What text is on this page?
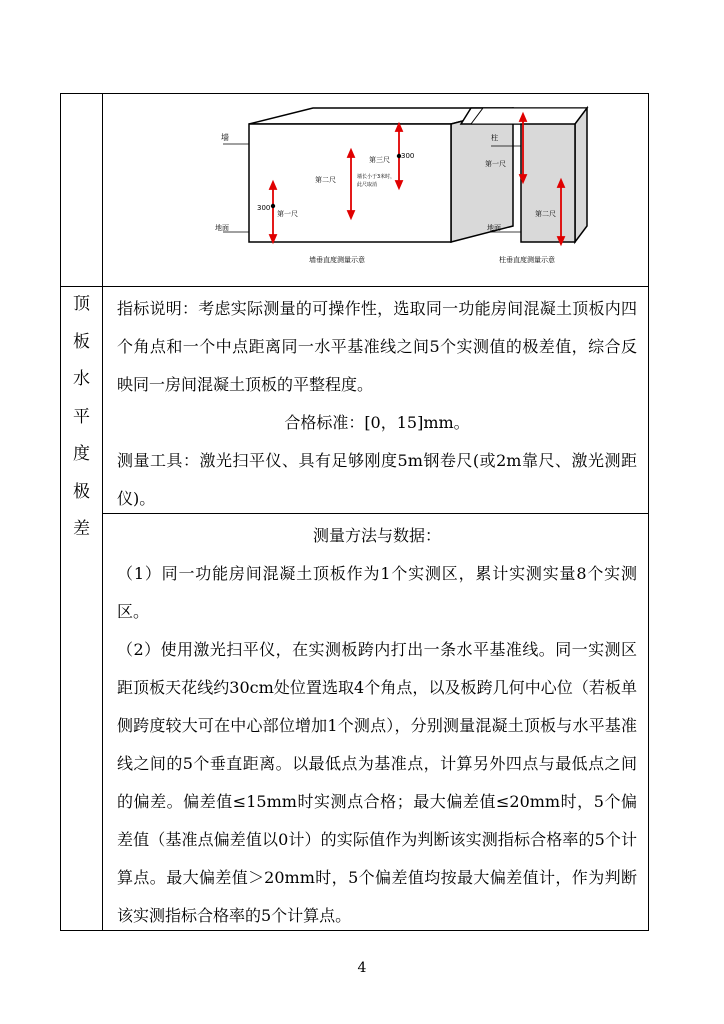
墙
地面
300
300
第一尺
第二尺
第三尺
墙长小于3米时，
此尺取消
墙垂直度测量示意
柱
地面
第一尺
第二尺
柱垂直度测量示意
顶
板
水
平
度
极
差

指标说明：考虑实际测量的可操作性，选取同一功能房间混凝土顶板内四个角点和一个中点距离同一水平基准线之间5个实测值的极差值，综合反映同一房间混凝土顶板的平整程度。

合格标准：[0，15]mm。

测量工具：激光扫平仪、具有足够刚度5m钢卷尺(或2m靠尺、激光测距仪)。

测量方法与数据：

（1）同一功能房间混凝土顶板作为1个实测区，累计实测实量8个实测区。

（2）使用激光扫平仪，在实测板跨内打出一条水平基准线。同一实测区距顶板天花线约30cm处位置选取4个角点，以及板跨几何中心位（若板单侧跨度较大可在中心部位增加1个测点），分别测量混凝土顶板与水平基准线之间的5个垂直距离。以最低点为基准点，计算另外四点与最低点之间的偏差。偏差值≤15mm时实测点合格；最大偏差值≤20mm时，5个偏差值（基准点偏差值以0计）的实际值作为判断该实测指标合格率的5个计算点。最大偏差值＞20mm时，5个偏差值均按最大偏差值计，作为判断该实测指标合格率的5个计算点。

4
